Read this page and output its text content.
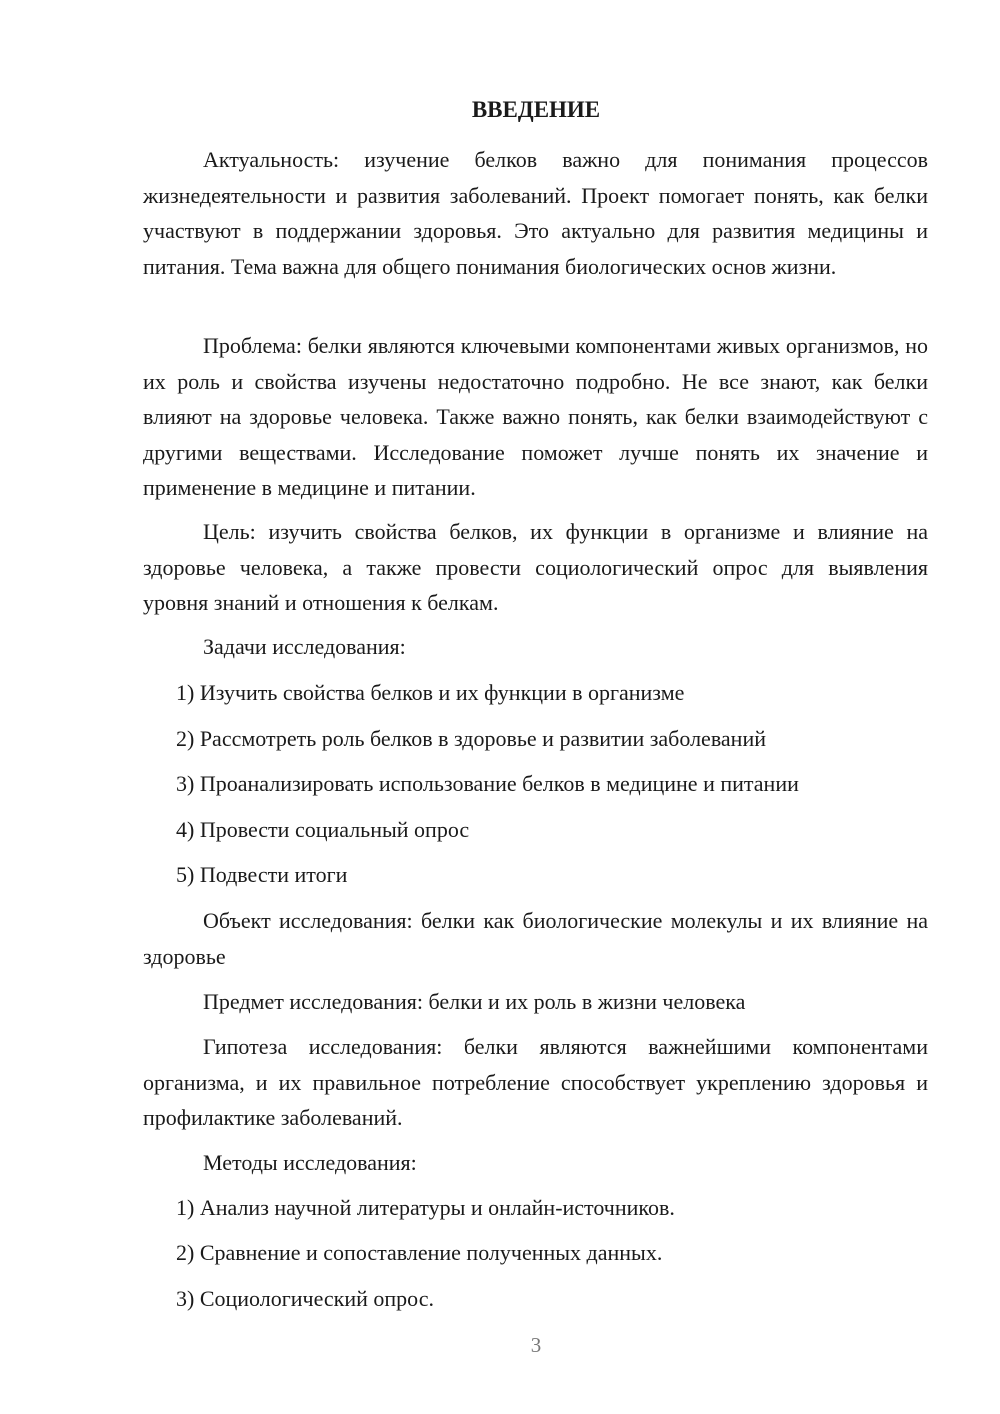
ВВЕДЕНИЕ

Актуальность: изучение белков важно для понимания процессов жизнедеятельности и развития заболеваний. Проект помогает понять, как белки участвуют в поддержании здоровья. Это актуально для развития медицины и питания. Тема важна для общего понимания биологических основ жизни.

Проблема: белки являются ключевыми компонентами живых организмов, но их роль и свойства изучены недостаточно подробно. Не все знают, как белки влияют на здоровье человека. Также важно понять, как белки взаимодействуют с другими веществами. Исследование поможет лучше понять их значение и применение в медицине и питании.

Цель: изучить свойства белков, их функции в организме и влияние на здоровье человека, а также провести социологический опрос для выявления уровня знаний и отношения к белкам.

Задачи исследования:

1) Изучить свойства белков и их функции в организме

2) Рассмотреть роль белков в здоровье и развитии заболеваний

3) Проанализировать использование белков в медицине и питании

4) Провести социальный опрос

5) Подвести итоги

Объект исследования: белки как биологические молекулы и их влияние на здоровье

Предмет исследования: белки и их роль в жизни человека

Гипотеза исследования: белки являются важнейшими компонентами организма, и их правильное потребление способствует укреплению здоровья и профилактике заболеваний.

Методы исследования:

1) Анализ научной литературы и онлайн-источников.

2) Сравнение и сопоставление полученных данных.

3) Социологический опрос.

3
